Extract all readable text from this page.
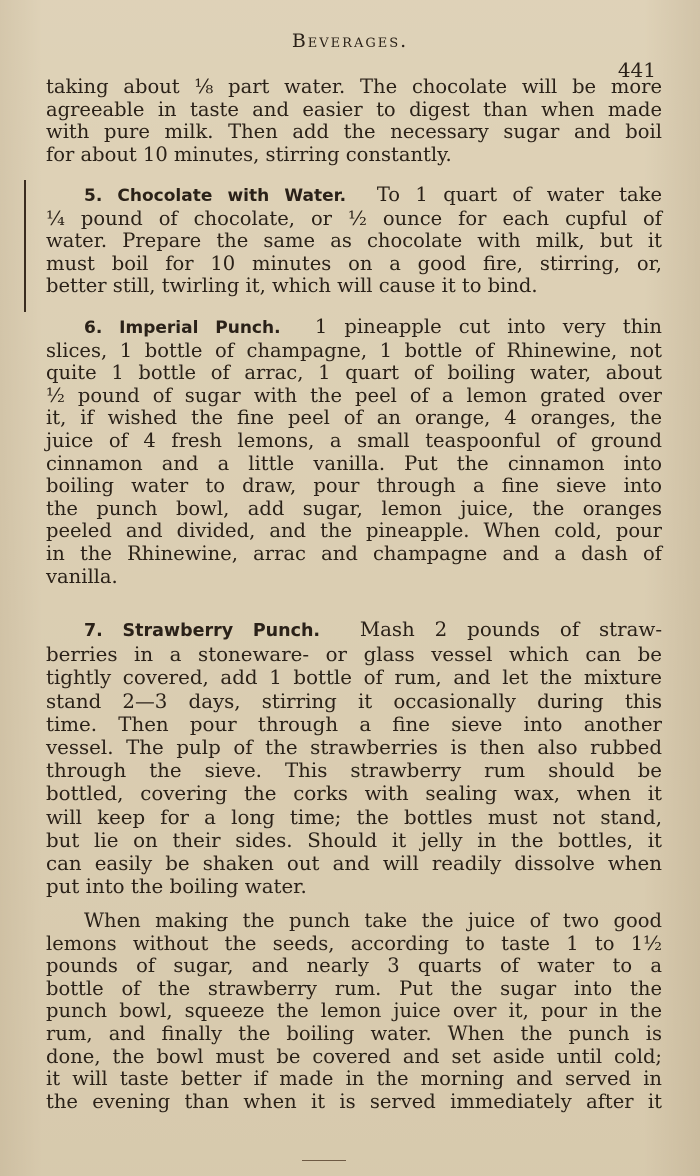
Beverages.
441
taking about ⅛ part water. The chocolate will be more
agreeable in taste and easier to digest than when made
with pure milk. Then add the necessary sugar and boil
for about 10 minutes, stirring constantly.
5. Chocolate with Water. To 1 quart of water take
¼ pound of chocolate, or ½ ounce for each cupful of
water. Prepare the same as chocolate with milk, but it
must boil for 10 minutes on a good fire, stirring, or,
better still, twirling it, which will cause it to bind.
6. Imperial Punch. 1 pineapple cut into very thin
slices, 1 bottle of champagne, 1 bottle of Rhinewine, not
quite 1 bottle of arrac, 1 quart of boiling water, about
½ pound of sugar with the peel of a lemon grated over
it, if wished the fine peel of an orange, 4 oranges, the
juice of 4 fresh lemons, a small teaspoonful of ground
cinnamon and a little vanilla. Put the cinnamon into
boiling water to draw, pour through a fine sieve into
the punch bowl, add sugar, lemon juice, the oranges
peeled and divided, and the pineapple. When cold, pour
in the Rhinewine, arrac and champagne and a dash of
vanilla.
7. Strawberry Punch. Mash 2 pounds of straw-
berries in a stoneware- or glass vessel which can be
tightly covered, add 1 bottle of rum, and let the mixture
stand 2—3 days, stirring it occasionally during this
time. Then pour through a fine sieve into another
vessel. The pulp of the strawberries is then also rubbed
through the sieve. This strawberry rum should be
bottled, covering the corks with sealing wax, when it
will keep for a long time; the bottles must not stand,
but lie on their sides. Should it jelly in the bottles, it
can easily be shaken out and will readily dissolve when
put into the boiling water.
When making the punch take the juice of two good
lemons without the seeds, according to taste 1 to 1½
pounds of sugar, and nearly 3 quarts of water to a
bottle of the strawberry rum. Put the sugar into the
punch bowl, squeeze the lemon juice over it, pour in the
rum, and finally the boiling water. When the punch is
done, the bowl must be covered and set aside until cold;
it will taste better if made in the morning and served in
the evening than when it is served immediately after it
